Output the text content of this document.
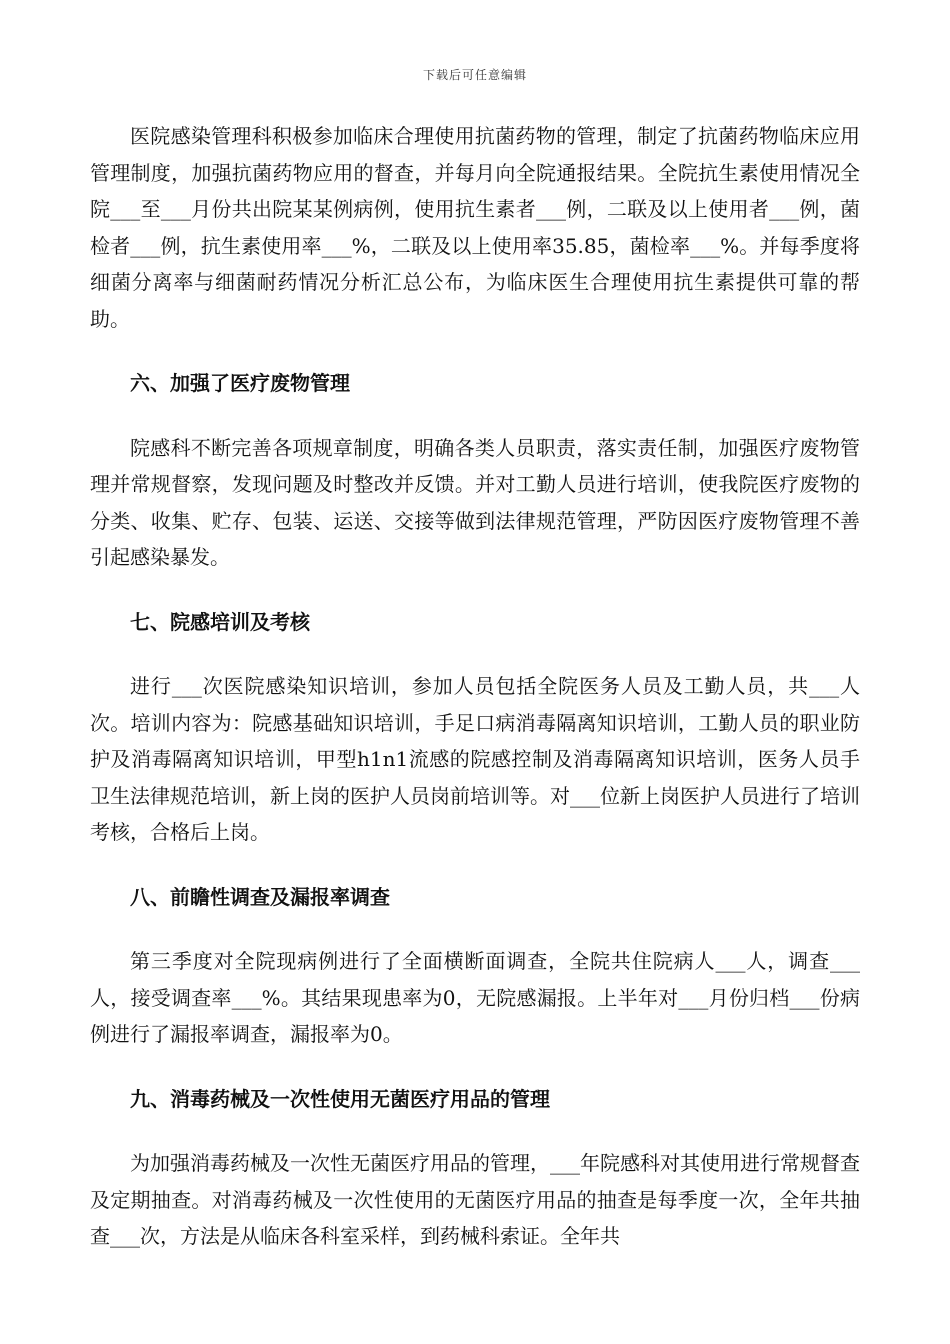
下载后可任意编辑

医院感染管理科积极参加临床合理使用抗菌药物的管理，制定了抗菌药物临床应用管理制度，加强抗菌药物应用的督查，并每月向全院通报结果。全院抗生素使用情况全院___至___月份共出院某某例病例，使用抗生素者___例，二联及以上使用者___例，菌检者___例，抗生素使用率___%，二联及以上使用率35.85，菌检率___%。并每季度将细菌分离率与细菌耐药情况分析汇总公布，为临床医生合理使用抗生素提供可靠的帮助。

六、加强了医疗废物管理

院感科不断完善各项规章制度，明确各类人员职责，落实责任制，加强医疗废物管理并常规督察，发现问题及时整改并反馈。并对工勤人员进行培训，使我院医疗废物的分类、收集、贮存、包装、运送、交接等做到法律规范管理，严防因医疗废物管理不善引起感染暴发。

七、院感培训及考核

进行___次医院感染知识培训，参加人员包括全院医务人员及工勤人员，共___人次。培训内容为：院感基础知识培训，手足口病消毒隔离知识培训，工勤人员的职业防护及消毒隔离知识培训，甲型h1n1流感的院感控制及消毒隔离知识培训，医务人员手卫生法律规范培训，新上岗的医护人员岗前培训等。对___位新上岗医护人员进行了培训考核，合格后上岗。

八、前瞻性调查及漏报率调查

第三季度对全院现病例进行了全面横断面调查，全院共住院病人___人，调查___人，接受调查率___%。其结果现患率为0，无院感漏报。上半年对___月份归档___份病例进行了漏报率调查，漏报率为0。

九、消毒药械及一次性使用无菌医疗用品的管理

为加强消毒药械及一次性无菌医疗用品的管理，___年院感科对其使用进行常规督查及定期抽查。对消毒药械及一次性使用的无菌医疗用品的抽查是每季度一次，全年共抽查___次，方法是从临床各科室采样，到药械科索证。全年共
